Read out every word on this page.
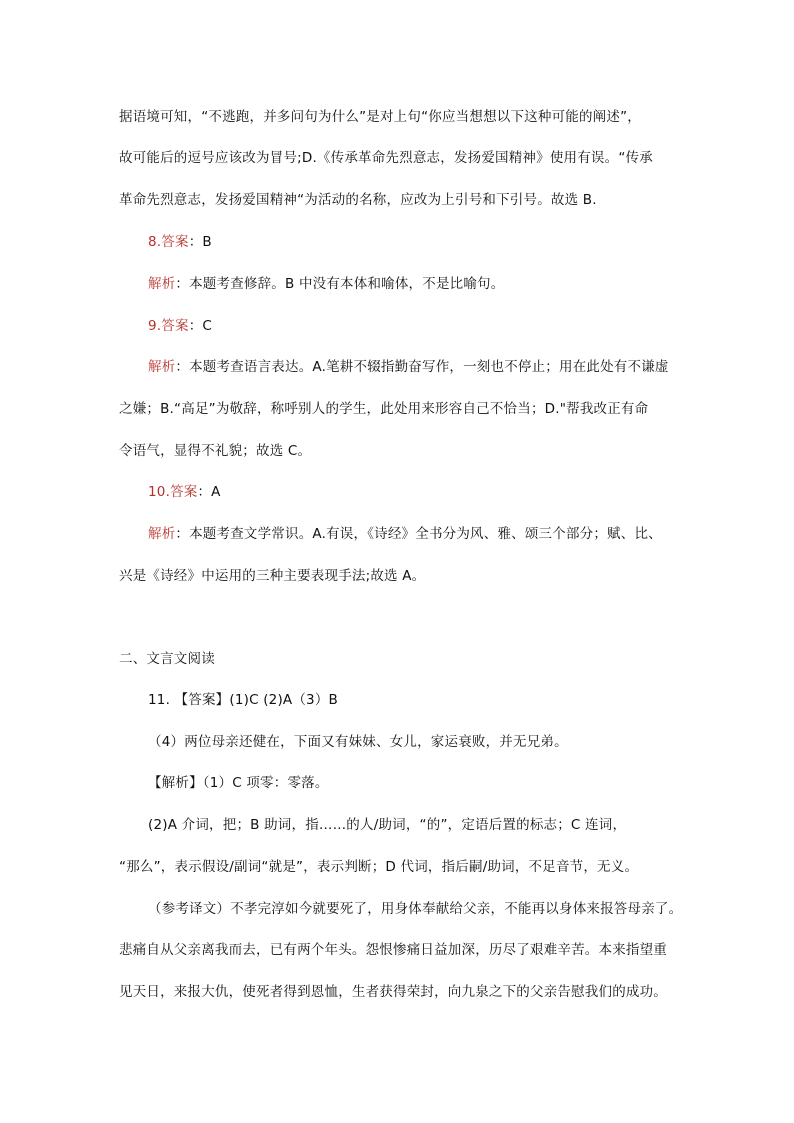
据语境可知，“不逃跑，并多问句为什么”是对上句“你应当想想以下这种可能的阐述”，
故可能后的逗号应该改为冒号;D.《传承革命先烈意志，发扬爱国精神》使用有误。“传承
革命先烈意志，发扬爱国精神“为活动的名称，应改为上引号和下引号。故选 B.
8.答案：B
解析：本题考查修辞。B 中没有本体和喻体，不是比喻句。
9.答案：C
解析：本题考查语言表达。A.笔耕不辍指勤奋写作，一刻也不停止；用在此处有不谦虚
之嫌；B.“高足”为敬辞，称呼别人的学生，此处用来形容自己不恰当；D."帮我改正有命
令语气，显得不礼貌；故选 C。
10.答案：A
解析：本题考查文学常识。A.有误，《诗经》全书分为风、雅、颂三个部分；赋、比、
兴是《诗经》中运用的三种主要表现手法;故选 A。
二、文言文阅读
11. 【答案】(1)C (2)A（3）B
（4）两位母亲还健在，下面又有妹妹、女儿，家运衰败，并无兄弟。
【解析】（1）C 项零：零落。
(2)A 介词，把；B 助词，指……的人/助词，“的”，定语后置的标志；C 连词，
“那么”，表示假设/副词“就是”，表示判断；D 代词，指后嗣/助词，不足音节，无义。
（参考译文）不孝完淳如今就要死了，用身体奉献给父亲，不能再以身体来报答母亲了。
悲痛自从父亲离我而去，已有两个年头。怨恨惨痛日益加深，历尽了艰难辛苦。本来指望重
见天日，来报大仇，使死者得到恩恤，生者获得荣封，向九泉之下的父亲告慰我们的成功。
